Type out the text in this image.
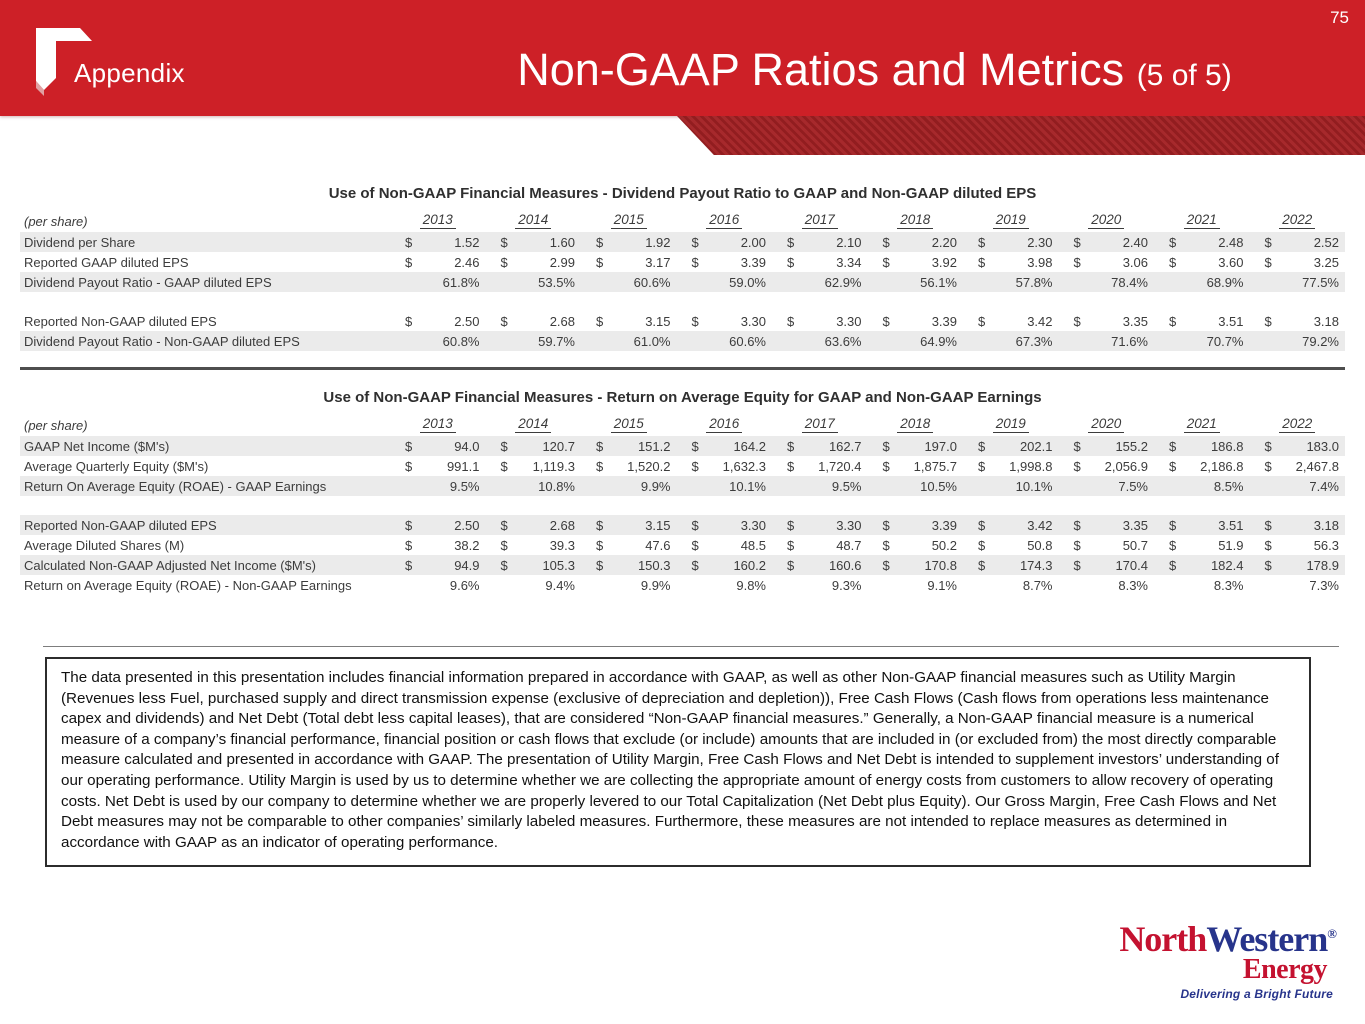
Appendix	Non-GAAP Ratios and Metrics (5 of 5)
75
Use of Non-GAAP Financial Measures - Dividend Payout Ratio to GAAP and Non-GAAP diluted EPS
(per share)	2013	2014	2015	2016	2017	2018	2019	2020	2021	2022
Dividend per Share	$	1.52 $	1.60 $	1.92 $	2.00 $	2.10 $	2.20 $	2.30 $	2.40 $	2.48 $	2.52
Reported GAAP diluted EPS	$	2.46 $	2.99 $	3.17 $	3.39 $	3.34 $	3.92 $	3.98 $	3.06 $	3.60 $	3.25
Dividend Payout Ratio - GAAP diluted EPS	61.8%	53.5%	60.6%	59.0%	62.9%	56.1%	57.8%	78.4%	68.9%	77.5%
Reported Non-GAAP diluted EPS	$	2.50 $	2.68 $	3.15 $	3.30 $	3.30 $	3.39 $	3.42 $	3.35 $	3.51 $	3.18
Dividend Payout Ratio - Non-GAAP diluted EPS	60.8%	59.7%	61.0%	60.6%	63.6%	64.9%	67.3%	71.6%	70.7%	79.2%
Use of Non-GAAP Financial Measures - Return on Average Equity for GAAP and Non-GAAP Earnings
(per share)	2013	2014	2015	2016	2017	2018	2019	2020	2021	2022
GAAP Net Income ($M's)	$	94.0 $	120.7 $	151.2 $	164.2 $	162.7 $	197.0 $	202.1 $	155.2 $	186.8 $	183.0
Average Quarterly Equity ($M's)	$	991.1 $ 1,119.3 $ 1,520.2 $ 1,632.3 $ 1,720.4 $ 1,875.7 $ 1,998.8 $ 2,056.9 $ 2,186.8 $ 2,467.8
Return On Average Equity (ROAE) - GAAP Earnings	9.5%	10.8%	9.9%	10.1%	9.5%	10.5%	10.1%	7.5%	8.5%	7.4%
Reported Non-GAAP diluted EPS	$	2.50 $	2.68 $	3.15 $	3.30 $	3.30 $	3.39 $	3.42 $	3.35 $	3.51 $	3.18
Average Diluted Shares (M)	$	38.2 $	39.3 $	47.6 $	48.5 $	48.7 $	50.2 $	50.8 $	50.7 $	51.9 $	56.3
Calculated Non-GAAP Adjusted Net Income ($M's)	$	94.9 $	105.3 $	150.3 $	160.2 $	160.6 $	170.8 $	174.3 $	170.4 $	182.4 $	178.9
Return on Average Equity (ROAE) - Non-GAAP Earnings	9.6%	9.4%	9.9%	9.8%	9.3%	9.1%	8.7%	8.3%	8.3%	7.3%
The data presented in this presentation includes financial information prepared in accordance with GAAP, as well as other Non-GAAP financial measures such as Utility Margin (Revenues less Fuel, purchased supply and direct transmission expense (exclusive of depreciation and depletion)), Free Cash Flows (Cash flows from operations less maintenance capex and dividends) and Net Debt (Total debt less capital leases), that are considered “Non-GAAP financial measures.” Generally, a Non-GAAP financial measure is a numerical measure of a company’s financial performance, financial position or cash flows that exclude (or include) amounts that are included in (or excluded from) the most directly comparable measure calculated and presented in accordance with GAAP. The presentation of Utility Margin, Free Cash Flows and Net Debt is intended to supplement investors’ understanding of our operating performance. Utility Margin is used by us to determine whether we are collecting the appropriate amount of energy costs from customers to allow recovery of operating costs. Net Debt is used by our company to determine whether we are properly levered to our Total Capitalization (Net Debt plus Equity). Our Gross Margin, Free Cash Flows and Net Debt measures may not be comparable to other companies’ similarly labeled measures. Furthermore, these measures are not intended to replace measures as determined in accordance with GAAP as an indicator of operating performance.
NorthWestern®
Energy
Delivering a Bright Future
